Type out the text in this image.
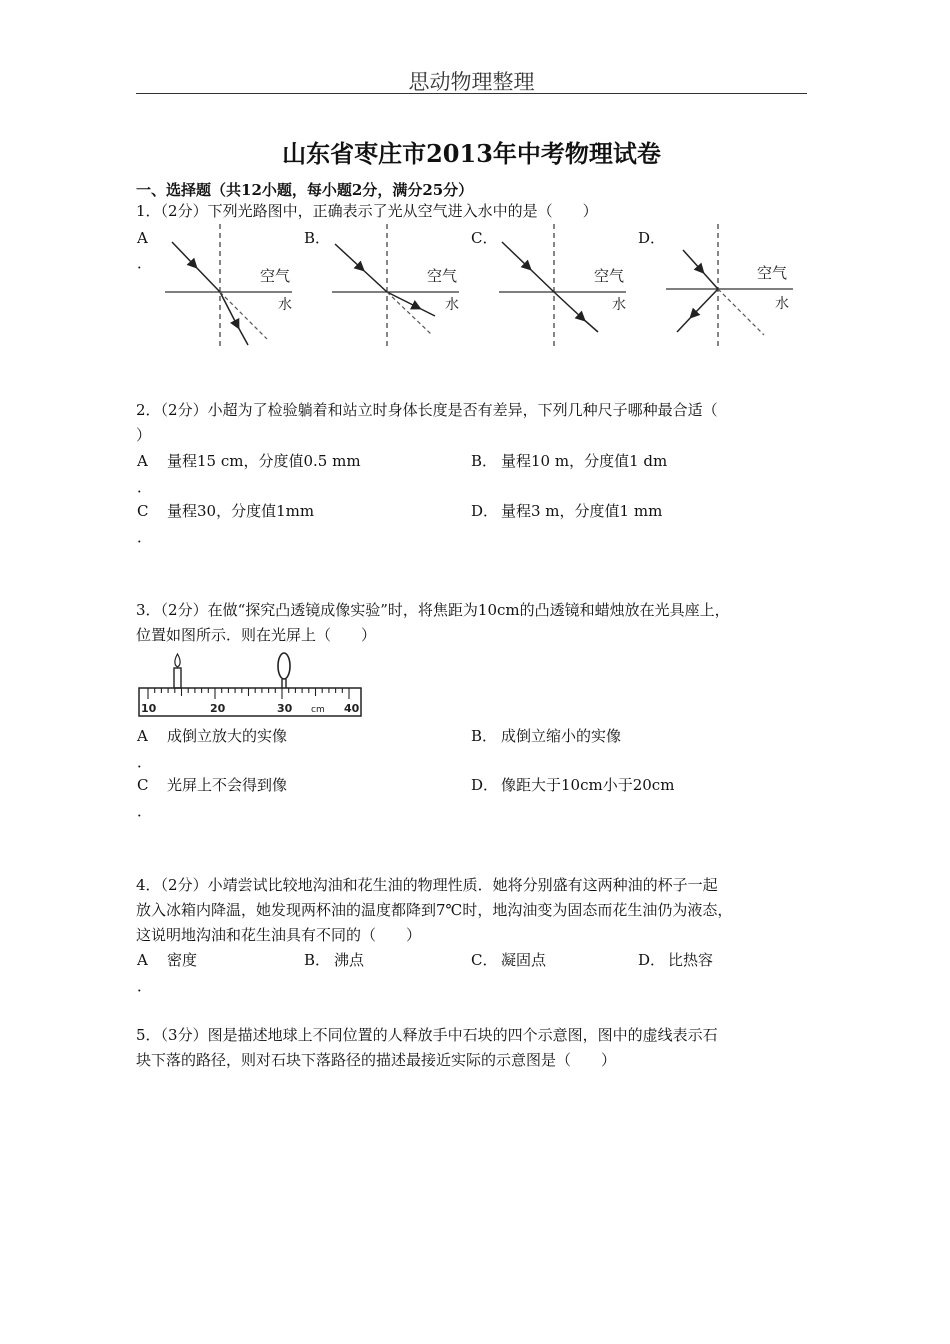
思动物理整理
山东省枣庄市2013年中考物理试卷
一、选择题（共12小题，每小题2分，满分25分）
1．（2分）下列光路图中，正确表示了光从空气进入水中的是（　　）
A
．
B．	C．	D．
空气
水
空气
水
空气
水
空气
水
2．（2分）小超为了检验躺着和站立时身体长度是否有差异，下列几种尺子哪种最合适（
）
A 量程15 cm，分度值0.5 mm
．
B． 量程10 m，分度值1 dm
C 量程30，分度值1mm
．
D． 量程3 m，分度值1 mm
3．（2分）在做“探究凸透镜成像实验”时，将焦距为10cm的凸透镜和蜡烛放在光具座上，
位置如图所示．则在光屏上（　　）
10	20	30 cm 40
A 成倒立放大的实像
．
B． 成倒立缩小的实像
C 光屏上不会得到像
．
D． 像距大于10cm小于20cm
4．（2分）小靖尝试比较地沟油和花生油的物理性质．她将分别盛有这两种油的杯子一起
放入冰箱内降温，她发现两杯油的温度都降到7℃时，地沟油变为固态而花生油仍为液态，
这说明地沟油和花生油具有不同的（　　）
A 密度
．
B． 沸点	C． 凝固点	D． 比热容
5．（3分）图是描述地球上不同位置的人释放手中石块的四个示意图，图中的虚线表示石
块下落的路径，则对石块下落路径的描述最接近实际的示意图是（　　）
